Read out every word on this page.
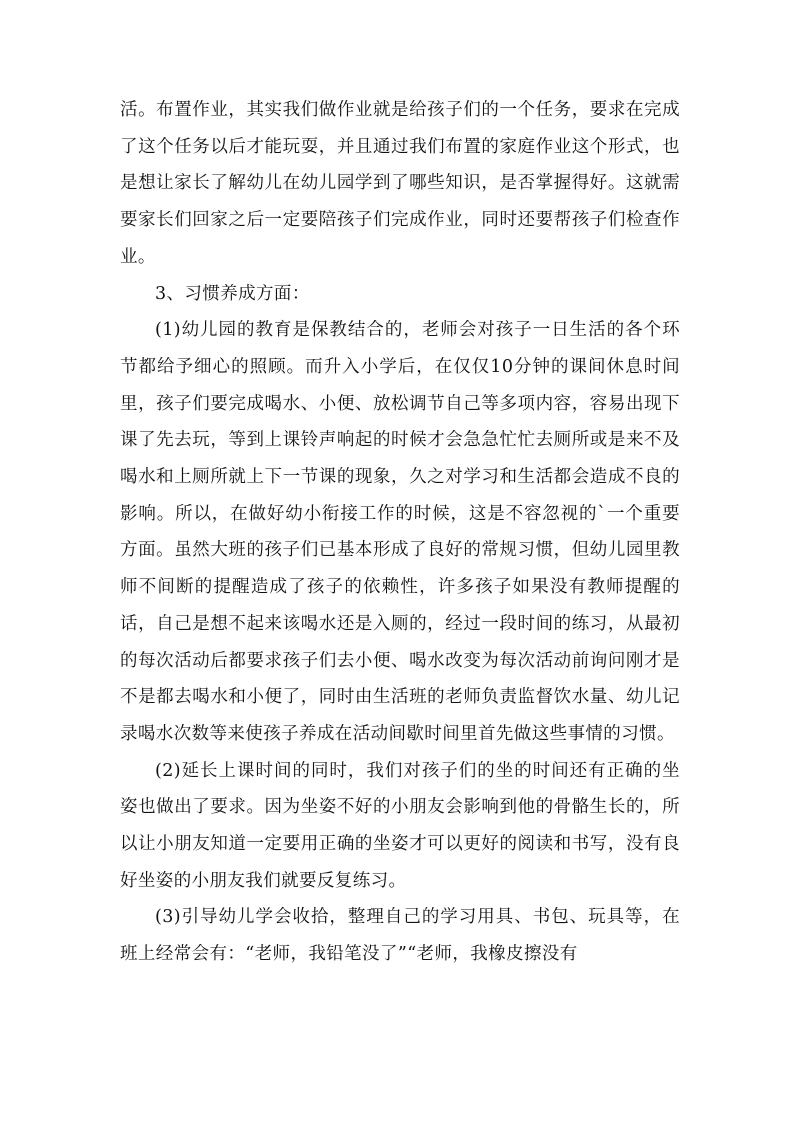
活。布置作业，其实我们做作业就是给孩子们的一个任务，要求在完成了这个任务以后才能玩耍，并且通过我们布置的家庭作业这个形式，也是想让家长了解幼儿在幼儿园学到了哪些知识，是否掌握得好。这就需要家长们回家之后一定要陪孩子们完成作业，同时还要帮孩子们检查作业。

3、习惯养成方面：

(1)幼儿园的教育是保教结合的，老师会对孩子一日生活的各个环节都给予细心的照顾。而升入小学后，在仅仅10分钟的课间休息时间里，孩子们要完成喝水、小便、放松调节自己等多项内容，容易出现下课了先去玩，等到上课铃声响起的时候才会急急忙忙去厕所或是来不及喝水和上厕所就上下一节课的现象，久之对学习和生活都会造成不良的影响。所以，在做好幼小衔接工作的时候，这是不容忽视的`一个重要方面。虽然大班的孩子们已基本形成了良好的常规习惯，但幼儿园里教师不间断的提醒造成了孩子的依赖性，许多孩子如果没有教师提醒的话，自己是想不起来该喝水还是入厕的，经过一段时间的练习，从最初的每次活动后都要求孩子们去小便、喝水改变为每次活动前询问刚才是不是都去喝水和小便了，同时由生活班的老师负责监督饮水量、幼儿记录喝水次数等来使孩子养成在活动间歇时间里首先做这些事情的习惯。

(2)延长上课时间的同时，我们对孩子们的坐的时间还有正确的坐姿也做出了要求。因为坐姿不好的小朋友会影响到他的骨骼生长的，所以让小朋友知道一定要用正确的坐姿才可以更好的阅读和书写，没有良好坐姿的小朋友我们就要反复练习。

(3)引导幼儿学会收拾，整理自己的学习用具、书包、玩具等，在班上经常会有：“老师，我铅笔没了”“老师，我橡皮擦没有
